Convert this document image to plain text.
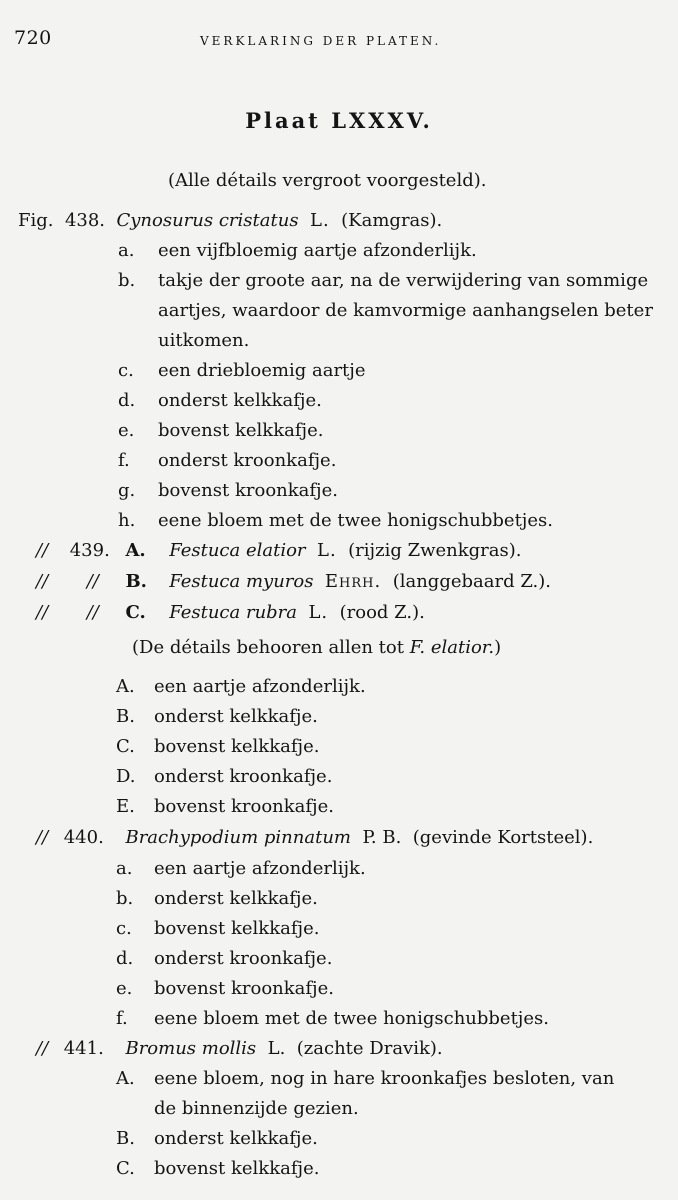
720	VERKLARING DER PLATEN.
Plaat LXXXV.
(Alle détails vergroot voorgesteld).
Fig. 438. Cynosurus cristatus L. (Kamgras).
a. een vijfbloemig aartje afzonderlijk.
b. takje der groote aar, na de verwijdering van sommige
aartjes, waardoor de kamvormige aanhangselen beter
uitkomen.
c. een driebloemig aartje
d. onderst kelkkafje.
e. bovenst kelkkafje.
f. onderst kroonkafje.
g. bovenst kroonkafje.
h. eene bloem met de twee honigschubbetjes.
// 439. A. Festuca elatior L. (rijzig Zwenkgras).
// // B. Festuca myuros Ehrh. (langgebaard Z.).
// // C. Festuca rubra L. (rood Z.).
(De détails behooren allen tot F. elatior.)
A. een aartje afzonderlijk.
B. onderst kelkkafje.
C. bovenst kelkkafje.
D. onderst kroonkafje.
E. bovenst kroonkafje.
// 440. Brachypodium pinnatum P. B. (gevinde Kortsteel).
a. een aartje afzonderlijk.
b. onderst kelkkafje.
c. bovenst kelkkafje.
d. onderst kroonkafje.
e. bovenst kroonkafje.
f. eene bloem met de twee honigschubbetjes.
// 441. Bromus mollis L. (zachte Dravik).
A. eene bloem, nog in hare kroonkafjes besloten, van
de binnenzijde gezien.
B. onderst kelkkafje.
C. bovenst kelkkafje.
